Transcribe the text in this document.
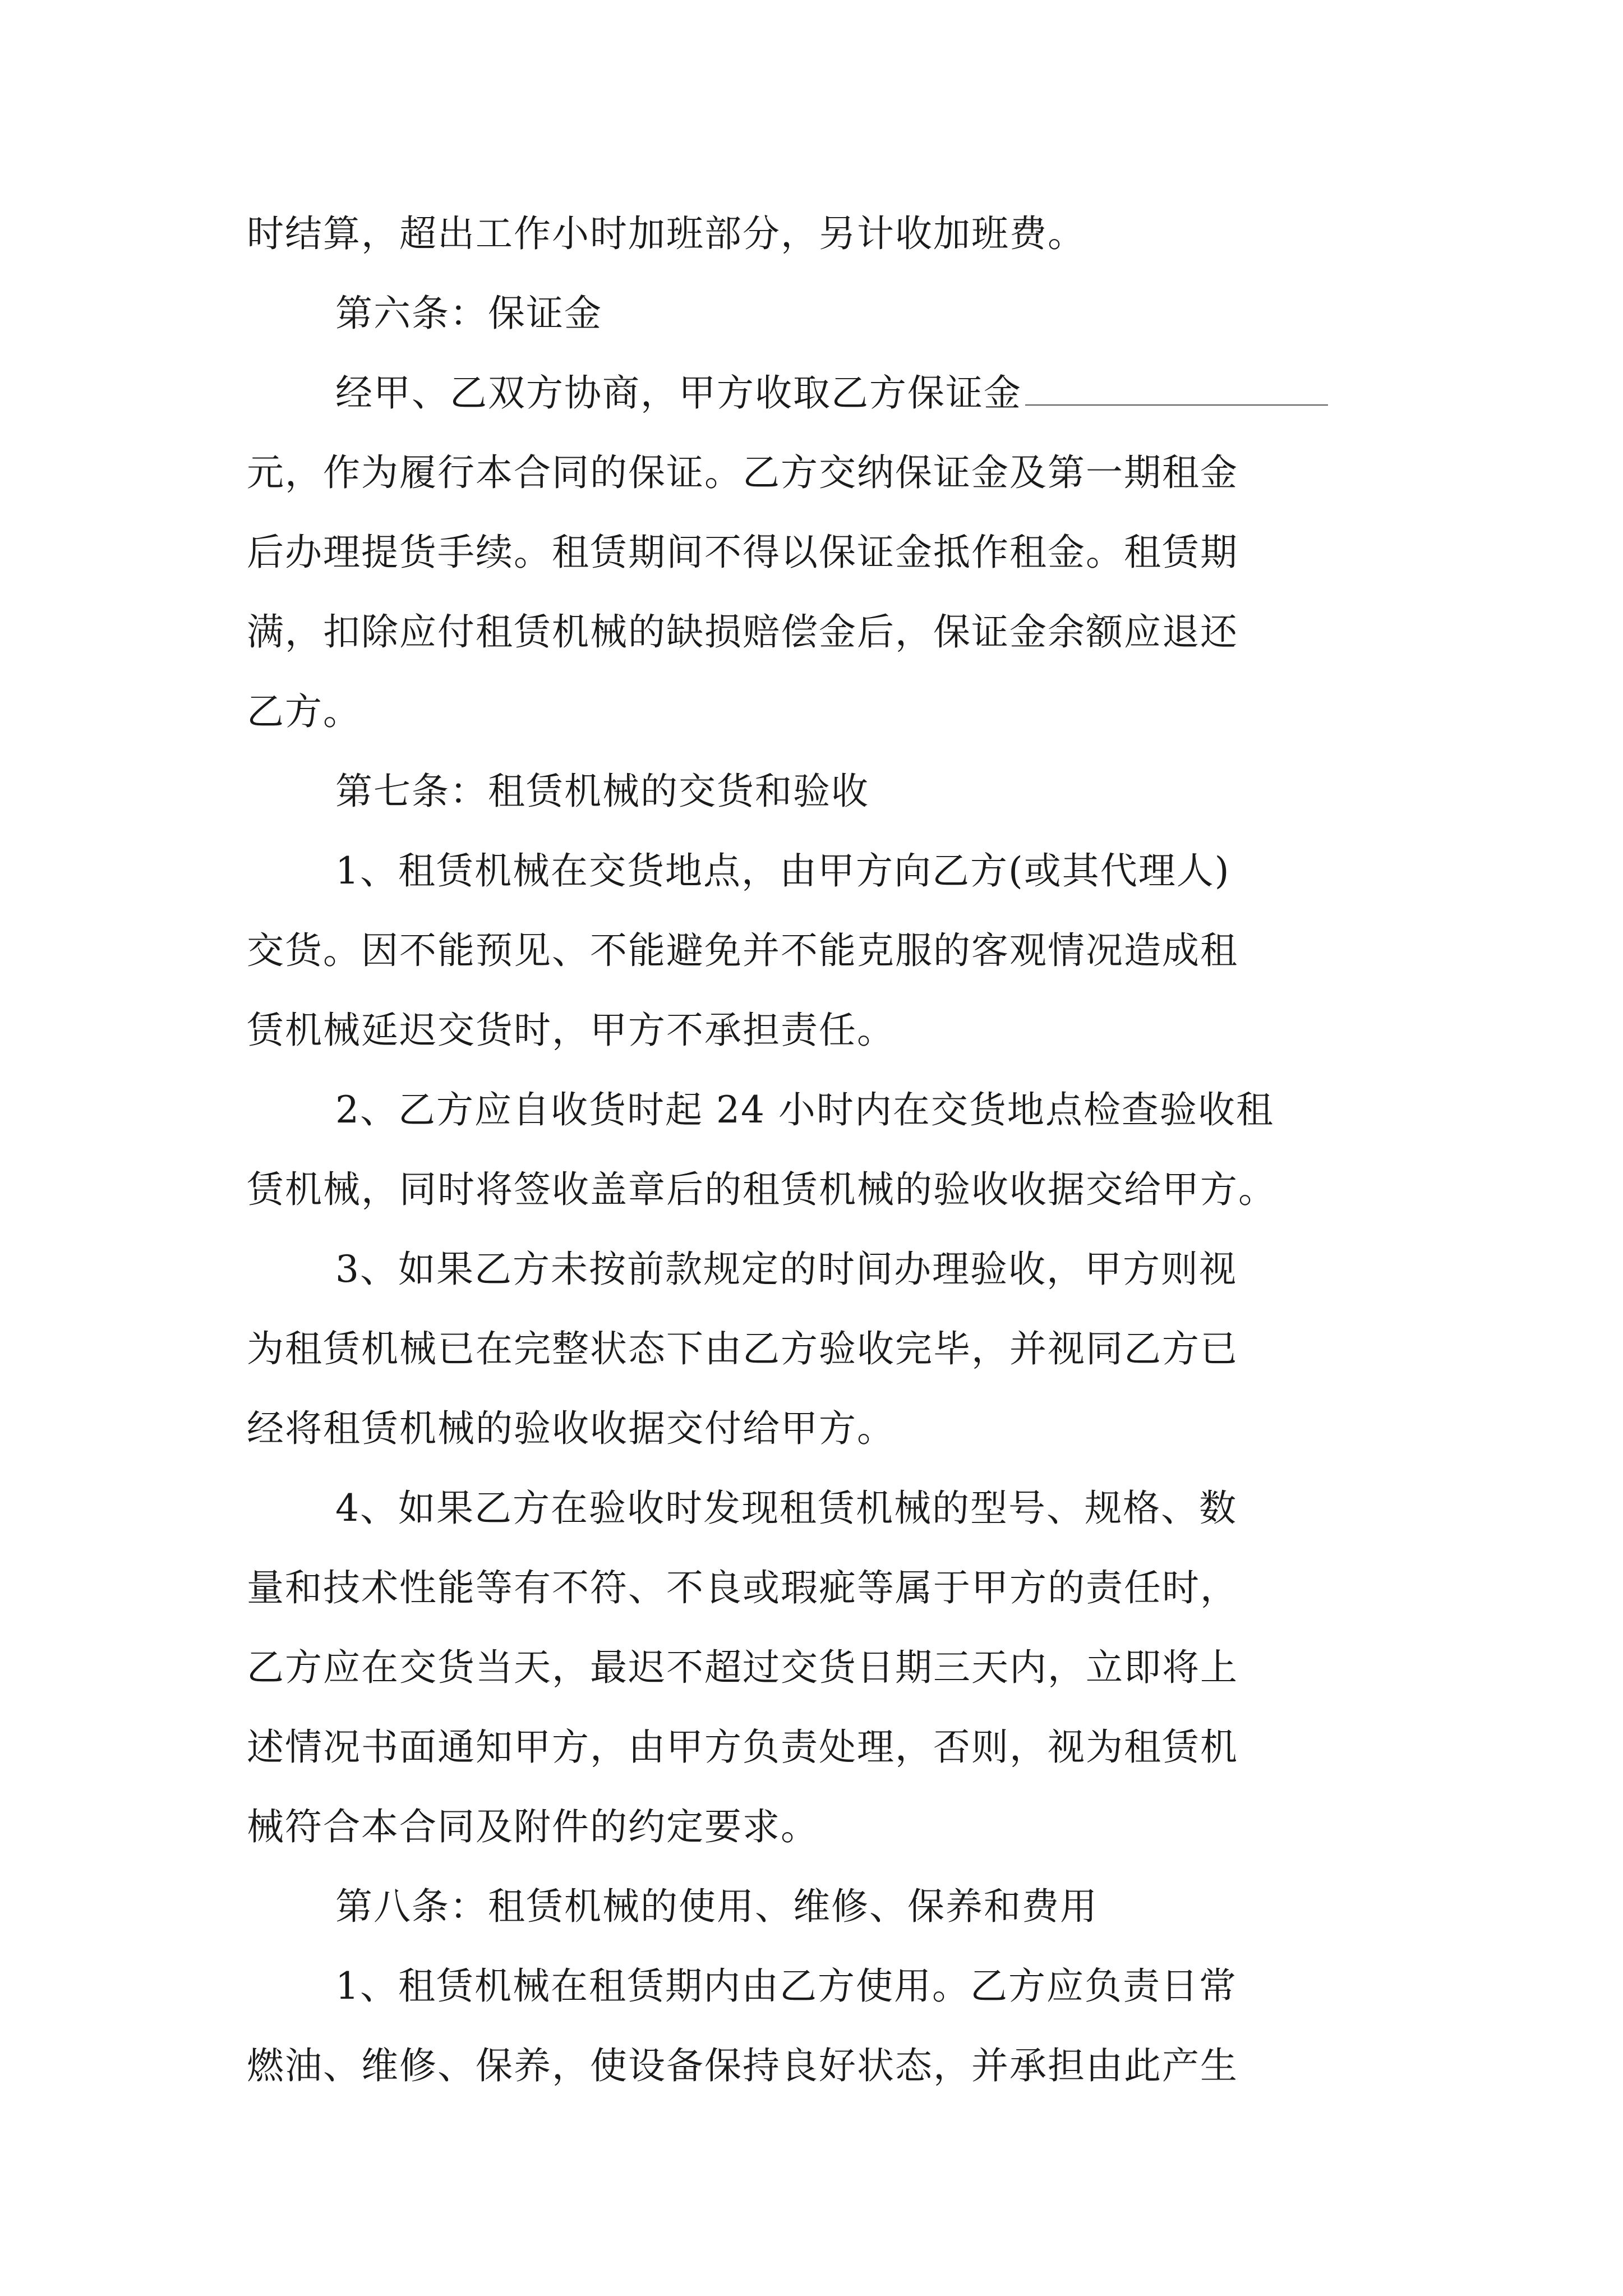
时结算，超出工作小时加班部分，另计收加班费。
第六条：保证金
经甲、乙双方协商，甲方收取乙方保证金
元，作为履行本合同的保证。乙方交纳保证金及第一期租金
后办理提货手续。租赁期间不得以保证金抵作租金。租赁期
满，扣除应付租赁机械的缺损赔偿金后，保证金余额应退还
乙方。
第七条：租赁机械的交货和验收
1、租赁机械在交货地点，由甲方向乙方(或其代理人)
交货。因不能预见、不能避免并不能克服的客观情况造成租
赁机械延迟交货时，甲方不承担责任。
2、乙方应自收货时起 24 小时内在交货地点检查验收租
赁机械，同时将签收盖章后的租赁机械的验收收据交给甲方。
3、如果乙方未按前款规定的时间办理验收，甲方则视
为租赁机械已在完整状态下由乙方验收完毕，并视同乙方已
经将租赁机械的验收收据交付给甲方。
4、如果乙方在验收时发现租赁机械的型号、规格、数
量和技术性能等有不符、不良或瑕疵等属于甲方的责任时，
乙方应在交货当天，最迟不超过交货日期三天内，立即将上
述情况书面通知甲方，由甲方负责处理，否则，视为租赁机
械符合本合同及附件的约定要求。
第八条：租赁机械的使用、维修、保养和费用
1、租赁机械在租赁期内由乙方使用。乙方应负责日常
燃油、维修、保养，使设备保持良好状态，并承担由此产生
